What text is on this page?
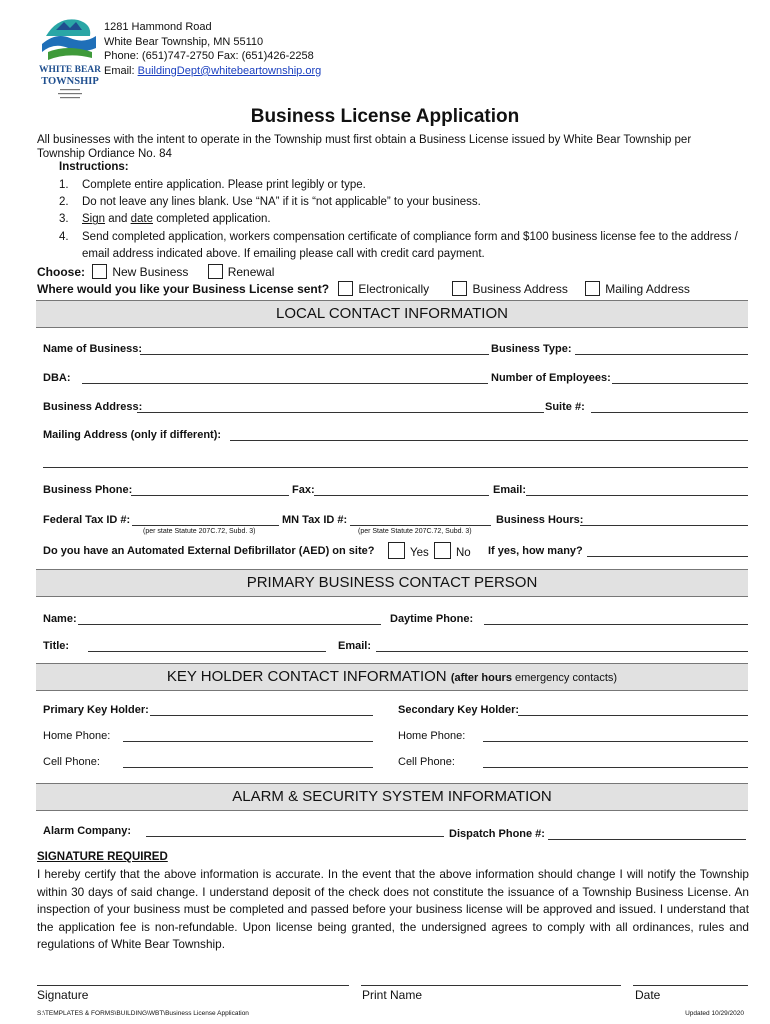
WHITE BEAR
TOWNSHIP
1281 Hammond Road
White Bear Township, MN 55110
Phone: (651)747-2750 Fax: (651)426-2258
Email: BuildingDept@whitebeartownship.org
Business License Application
All businesses with the intent to operate in the Township must first obtain a Business License issued by White Bear Township per Township Ordiance No. 84
Instructions:
1. Complete entire application. Please print legibly or type.
2. Do not leave any lines blank. Use “NA” if it is “not applicable” to your business.
3. Sign and date completed application.
4. Send completed application, workers compensation certificate of compliance form and $100 business license fee to the address / email address indicated above. If emailing please call with credit card payment.
Choose: New Business	Renewal
Where would you like your Business License sent? Electronically	Business Address	Mailing Address
LOCAL CONTACT INFORMATION
Name of Business:	Business Type:
DBA:	Number of Employees:
Business Address:	Suite #:
Mailing Address (only if different):
Business Phone:	Fax:	Email:
Federal Tax ID #:	MN Tax ID #:	Business Hours:
(per state Statute 207C.72, Subd. 3)	(per State Statute 207C.72, Subd. 3)
Do you have an Automated External Defibrillator (AED) on site?	Yes No If yes, how many?
PRIMARY BUSINESS CONTACT PERSON
Name:	Daytime Phone:
Title:	Email:
KEY HOLDER CONTACT INFORMATION (after hours emergency contacts)
Primary Key Holder:	Secondary Key Holder:
Home Phone:	Home Phone:
Cell Phone:	Cell Phone:
ALARM & SECURITY SYSTEM INFORMATION
Alarm Company:	Dispatch Phone #:
SIGNATURE REQUIRED
I hereby certify that the above information is accurate. In the event that the above information should change I will notify the Township within 30 days of said change. I understand deposit of the check does not constitute the issuance of a Township Business License. An inspection of your business must be completed and passed before your business license will be approved and issued. I understand that the application fee is non-refundable. Upon license being granted, the undersigned agrees to comply with all ordinances, rules and regulations of White Bear Township.
Signature	Print Name	Date
S:\TEMPLATES & FORMS\BUILDING\WBT\Business License Application	Updated 10/29/2020
